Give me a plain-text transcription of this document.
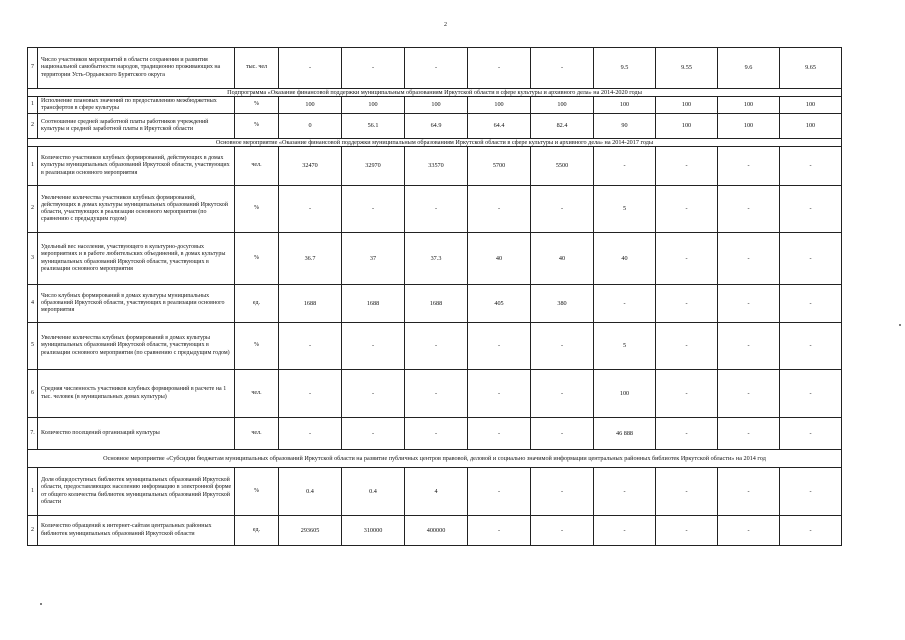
2
7	Число участников мероприятий в области сохранения и развития национальной самобытности народов, традиционно проживающих на территории Усть-Ордынского Бурятского округа	тыс. чел	-	-	-	-	-	9.5	9.55	9.6	9.65
Подпрограмма «Оказание финансовой поддержки муниципальным образованиям Иркутской области в сфере культуры и архивного дела» на 2014-2020 годы											
1	Исполнение плановых значений по предоставлению межбюджетных трансфертов в сфере культуры	%	100	100	100	100	100	100	100	100	100
2	Соотношение средней заработной платы работников учреждений культуры и средней заработной платы в Иркутской области	%	0	56.1	64.9	64.4	82.4	90	100	100	100
Основное мероприятие «Оказание финансовой поддержки муниципальным образованиям Иркутской области в сфере культуры и архивного дела» на 2014-2017 годы											
1	Количество участников клубных формирований, действующих в домах культуры муниципальных образований Иркутской области, участвующих в реализации основного мероприятия	чел.	32470	32970	33570	5700	5500	-	-	-	-
2	Увеличение количества участников клубных формирований, действующих в домах культуры муниципальных образований Иркутской области, участвующих в реализации основного мероприятия (по сравнению с предыдущим годом)	%	-	-	-	-	-	5	-	-	-
3	Удельный вес населения, участвующего в культурно-досуговых мероприятиях и в работе любительских объединений, в домах культуры муниципальных образований Иркутской области, участвующих в реализации основного мероприятия	%	36.7	37	37.3	40	40	40	-	-	-
4	Число клубных формирований в домах культуры муниципальных образований Иркутской области, участвующих в реализации основного мероприятия	ед.	1688	1688	1688	405	380	-	-	-	-
5	Увеличение количества клубных формирований в домах культуры муниципальных образований Иркутской области, участвующих в реализации основного мероприятия (по сравнению с предыдущим годом)	%	-	-	-	-	-	5	-	-	-
6	Средняя численность участников клубных формирований в расчете на 1 тыс. человек (в муниципальных домах культуры)	чел.	-	-	-	-	-	100	-	-	-
7.	Количество посещений организаций культуры	чел.	-	-	-	-	-	46 888	-	-	-
Основное мероприятие «Субсидии бюджетам муниципальных образований Иркутской области на развитие публичных центров правовой, деловой и социально значимой информации центральных районных библиотек Иркутской области» на 2014 год											
1	Доля общедоступных библиотек муниципальных образований Иркутской области, предоставляющих населению информацию в электронной форме от общего количества библиотек муниципальных образований Иркутской области	%	0.4	0.4	4	-	-	-	-	-	-
2	Количество обращений к интернет-сайтам центральных районных библиотек муниципальных образований Иркутской области	ед.	293605	310000	400000	-	-	-	-	-	-
